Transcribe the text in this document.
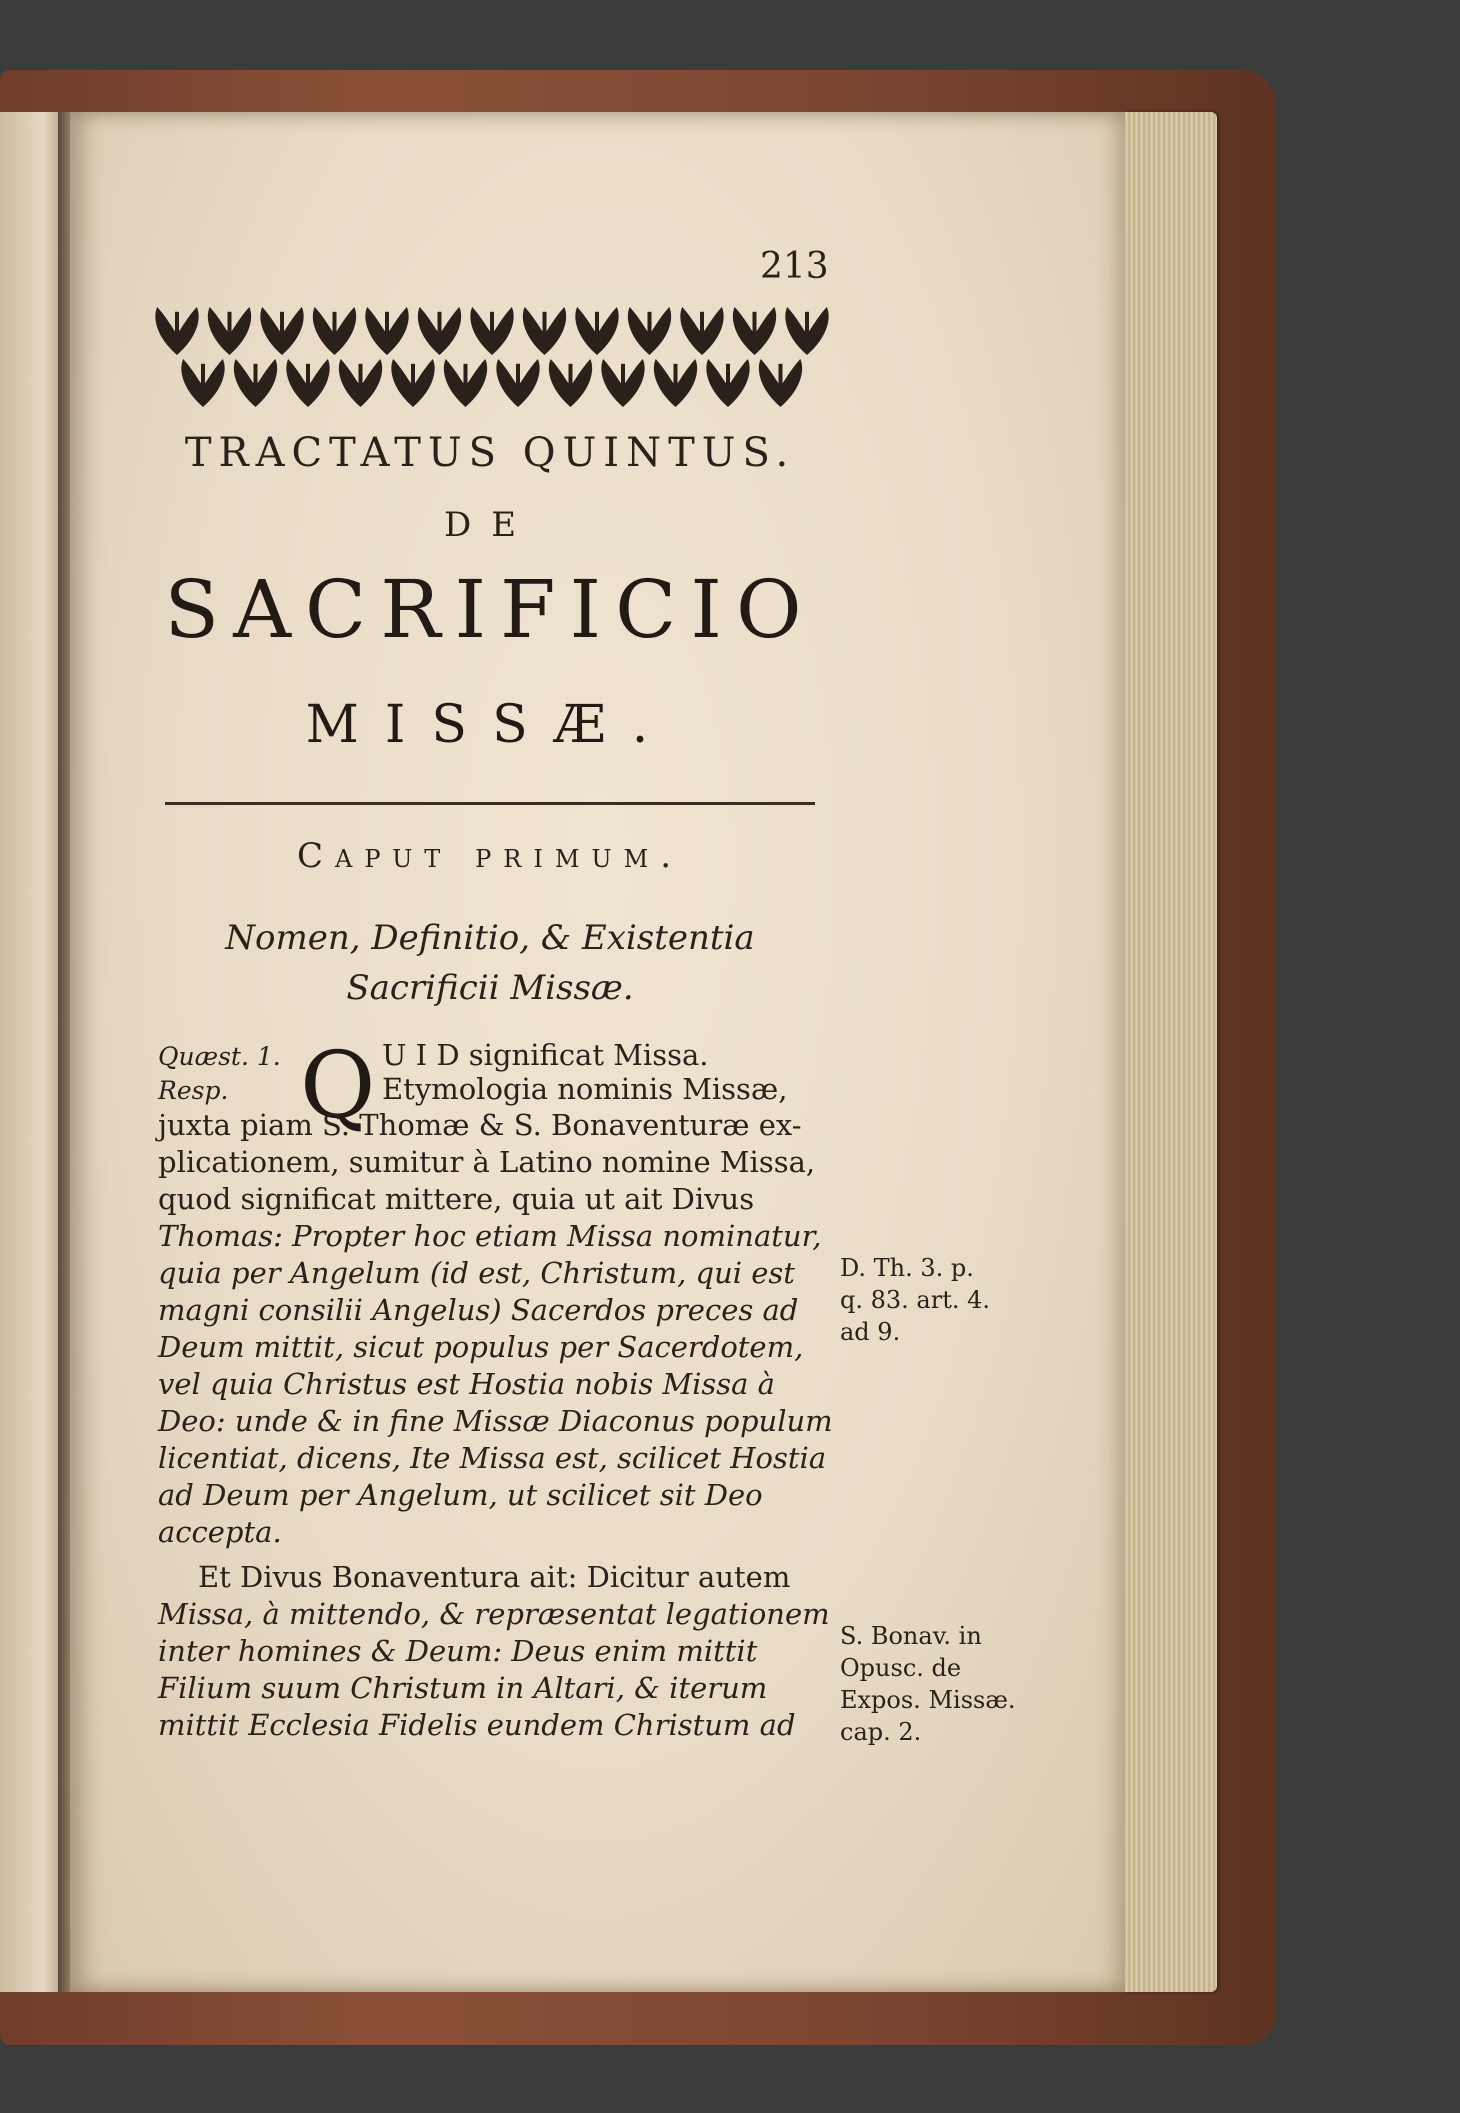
213
TRACTATUS QUINTUS.
DE
SACRIFICIO
MISSÆ.
Caput primum.
Nomen, Definitio, & Existentia
Sacrificii Missæ.
Quæst. 1.
Resp. Q U I D significat Missa.
Etymologia nominis Missæ,
juxta piam S. Thomæ & S. Bonaventuræ ex-
plicationem, sumitur à Latino nomine Missa,
quod significat mittere, quia ut ait Divus
Thomas: Propter hoc etiam Missa nominatur,
quia per Angelum (id est, Christum, qui est
magni consilii Angelus) Sacerdos preces ad
Deum mittit, sicut populus per Sacerdotem,
vel quia Christus est Hostia nobis Missa à
Deo: unde & in fine Missæ Diaconus populum
licentiat, dicens, Ite Missa est, scilicet Hostia
ad Deum per Angelum, ut scilicet sit Deo
accepta.
Et Divus Bonaventura ait: Dicitur autem
Missa, à mittendo, & repræsentat legationem
inter homines & Deum: Deus enim mittit
Filium suum Christum in Altari, & iterum
mittit Ecclesia Fidelis eundem Christum ad
D. Th. 3. p.
q. 83. art. 4.
ad 9.
S. Bonav. in
Opusc. de
Expos. Missæ.
cap. 2.
